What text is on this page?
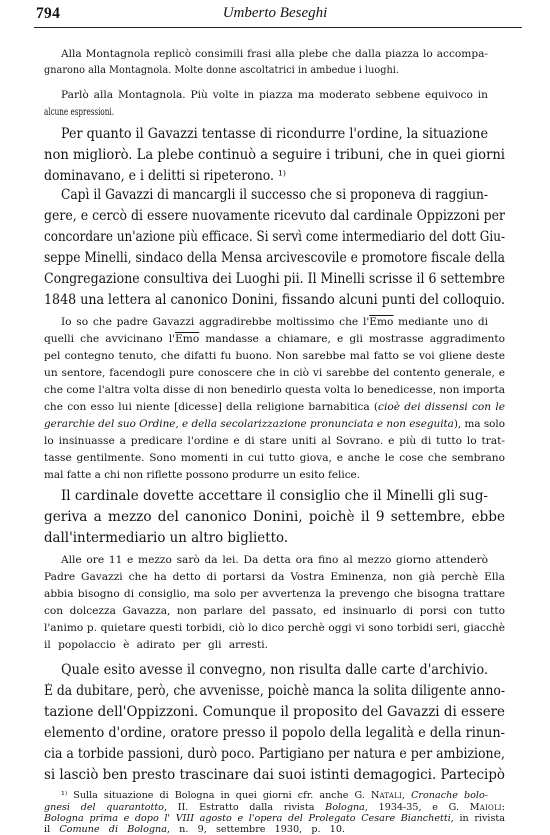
794	Umberto Beseghi
Alla Montagnola replicò consimili frasi alla plebe che dalla piazza lo accompa-
gnarono alla Montagnola. Molte donne ascoltatrici in ambedue i luoghi.
Parlò alla Montagnola. Più volte in piazza ma moderato sebbene equivoco in
alcune espressioni.
Per quanto il Gavazzi tentasse di ricondurre l'ordine, la situazione
non migliorò. La plebe continuò a seguire i tribuni, che in quei giorni
dominavano, e i delitti si ripeterono. ¹⁾
Capì il Gavazzi di mancargli il successo che si proponeva di raggiun-
gere, e cercò di essere nuovamente ricevuto dal cardinale Oppizzoni per
concordare un'azione più efficace. Si servì come intermediario del dott Giu-
seppe Minelli, sindaco della Mensa arcivescovile e promotore fiscale della
Congregazione consultiva dei Luoghi pii. Il Minelli scrisse il 6 settembre
1848 una lettera al canonico Donini, fissando alcuni punti del colloquio.
Io so che padre Gavazzi aggradirebbe moltissimo che $l'\overline{Emo}$ mediante uno di
quelli che avvicinano $l'\overline{Emo}$ mandasse a chiamare, e gli mostrasse aggradimento
pel contegno tenuto, che difatti fu buono. Non sarebbe mal fatto se voi gliene deste
un sentore, facendogli pure conoscere che in ciò vi sarebbe del contento generale, e
che come l'altra volta disse di non benedirlo questa volta lo benedicesse, non importa
che con esso lui niente [dicesse] della religione barnabitica (cioè dei dissensi con le
gerarchie del suo Ordine, e della secolarizzazione pronunciata e non eseguita), ma solo
lo insinuasse a predicare l'ordine e di stare uniti al Sovrano. e più di tutto lo trat-
tasse gentilmente. Sono momenti in cui tutto giova, e anche le cose che sembrano
mal fatte a chi non riflette possono produrre un esito felice.
Il cardinale dovette accettare il consiglio che il Minelli gli sug-
geriva a mezzo del canonico Donini, poichè il 9 settembre, ebbe
dall'intermediario un altro biglietto.
Alle ore 11 e mezzo sarò da lei. Da detta ora fino al mezzo giorno attenderò
Padre Gavazzi che ha detto di portarsi da Vostra Eminenza, non già perchè Ella
abbia bisogno di consiglio, ma solo per avvertenza la prevengo che bisogna trattare
con dolcezza Gavazza, non parlare del passato, ed insinuarlo di porsi con tutto
l'animo p. quietare questi torbidi, ciò lo dico perchè oggi vi sono torbidi seri, giacchè
il popolaccio è adirato per gli arresti.
Quale esito avesse il convegno, non risulta dalle carte d'archivio.
È da dubitare, però, che avvenisse, poichè manca la solita diligente anno-
tazione dell'Oppizzoni. Comunque il proposito del Gavazzi di essere
elemento d'ordine, oratore presso il popolo della legalità e della rinun-
cia a torbide passioni, durò poco. Partigiano per natura e per ambizione,
si lasciò ben presto trascinare dai suoi istinti demagogici. Partecipò
¹⁾ Sulla situazione di Bologna in quei giorni cfr. anche G. Natali, Cronache bolo-
gnesi del quarantotto, II. Estratto dalla rivista Bologna, 1934-35, e G. Maioli:
Bologna prima e dopo l' VIII agosto e l'opera del Prolegato Cesare Bianchetti, in rivista
il Comune di Bologna, n. 9, settembre 1930, p. 10.
